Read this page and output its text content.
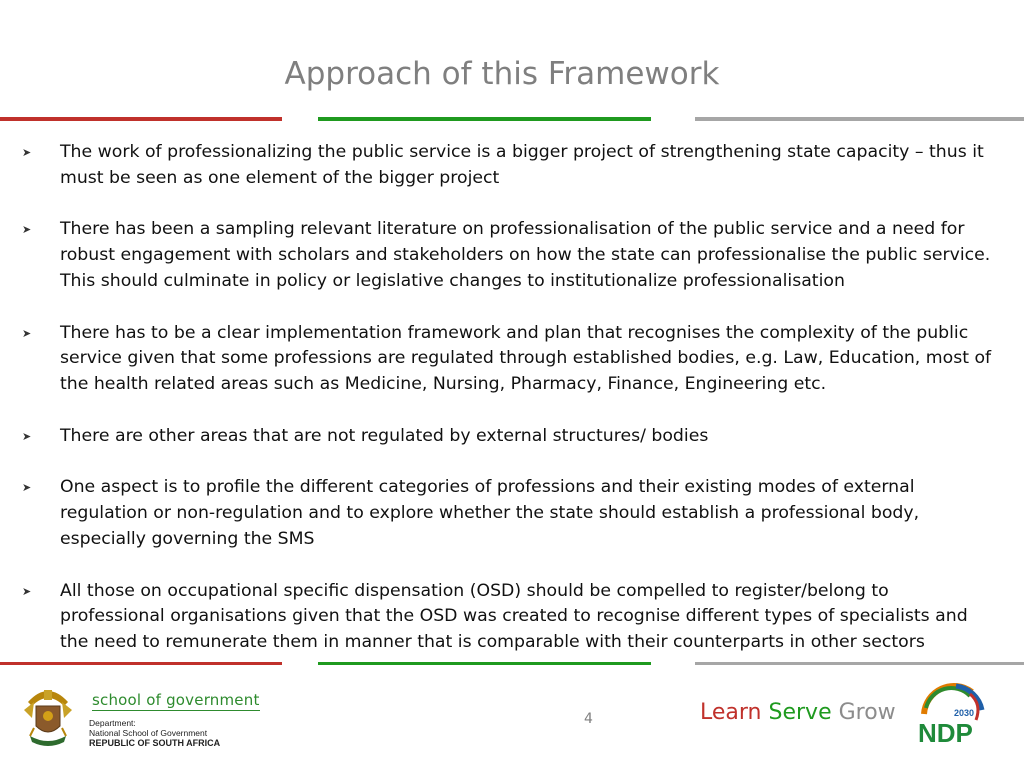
Approach of this Framework
➤ The work of professionalizing the public service is a bigger project of strengthening state capacity – thus it must be seen as one element of the bigger project
➤ There has been a sampling relevant literature on professionalisation of the public service and a need for robust engagement with scholars and stakeholders on how the state can professionalise the public service. This should culminate in policy or legislative changes to institutionalize professionalisation
➤ There has to be a clear implementation framework and plan that recognises the complexity of the public service given that some professions are regulated through established bodies, e.g. Law, Education, most of the health related areas such as Medicine, Nursing, Pharmacy, Finance, Engineering etc.
➤ There are other areas that are not regulated by external structures/ bodies
➤ One aspect is to profile the different categories of professions and their existing modes of external regulation or non-regulation and to explore whether the state should establish a professional body, especially governing the SMS
➤ All those on occupational specific dispensation (OSD) should be compelled to register/belong to professional organisations given that the OSD was created to recognise different types of specialists and the need to remunerate them in manner that is comparable with their counterparts in other sectors
school of government
Department:
National School of Government
REPUBLIC OF SOUTH AFRICA
4	Learn Serve Grow	2030
NDP
